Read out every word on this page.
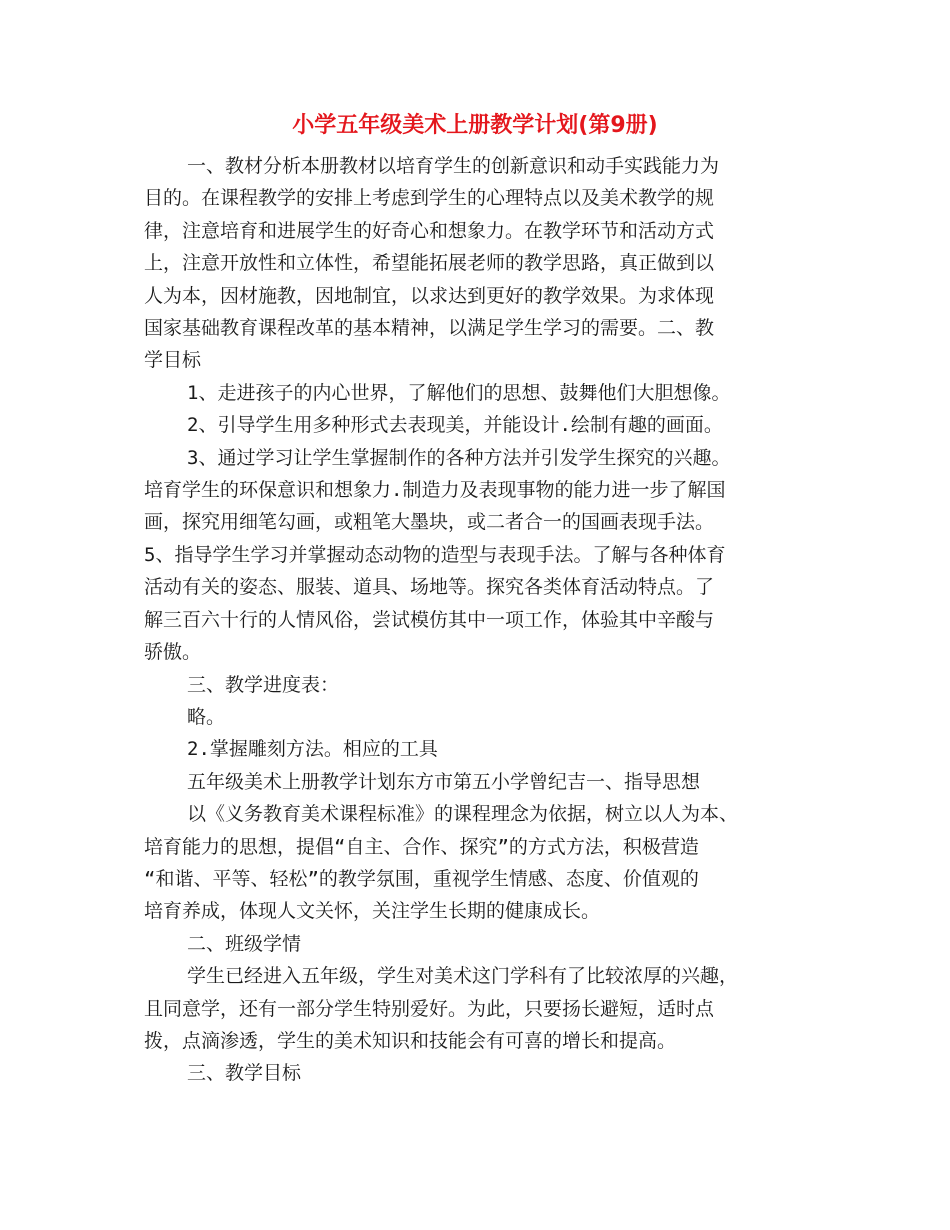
小学五年级美术上册教学计划(第9册)
一、教材分析本册教材以培育学生的创新意识和动手实践能力为
目的。在课程教学的安排上考虑到学生的心理特点以及美术教学的规
律，注意培育和进展学生的好奇心和想象力。在教学环节和活动方式
上，注意开放性和立体性，希望能拓展老师的教学思路，真正做到以
人为本，因材施教，因地制宜，以求达到更好的教学效果。为求体现
国家基础教育课程改革的基本精神，以满足学生学习的需要。二、教
学目标
1、走进孩子的内心世界，了解他们的思想、鼓舞他们大胆想像。
2、引导学生用多种形式去表现美，并能设计.绘制有趣的画面。
3、通过学习让学生掌握制作的各种方法并引发学生探究的兴趣。
培育学生的环保意识和想象力.制造力及表现事物的能力进一步了解国
画，探究用细笔勾画，或粗笔大墨块，或二者合一的国画表现手法。
5、指导学生学习并掌握动态动物的造型与表现手法。了解与各种体育
活动有关的姿态、服装、道具、场地等。探究各类体育活动特点。了
解三百六十行的人情风俗，尝试模仿其中一项工作，体验其中辛酸与
骄傲。
三、教学进度表：
略。
2.掌握雕刻方法。相应的工具
五年级美术上册教学计划东方市第五小学曾纪吉一、指导思想
以《义务教育美术课程标准》的课程理念为依据，树立以人为本、
培育能力的思想，提倡“自主、合作、探究”的方式方法，积极营造
“和谐、平等、轻松”的教学氛围，重视学生情感、态度、价值观的
培育养成，体现人文关怀，关注学生长期的健康成长。
二、班级学情
学生已经进入五年级，学生对美术这门学科有了比较浓厚的兴趣，
且同意学，还有一部分学生特别爱好。为此，只要扬长避短，适时点
拨，点滴渗透，学生的美术知识和技能会有可喜的增长和提高。
三、教学目标
